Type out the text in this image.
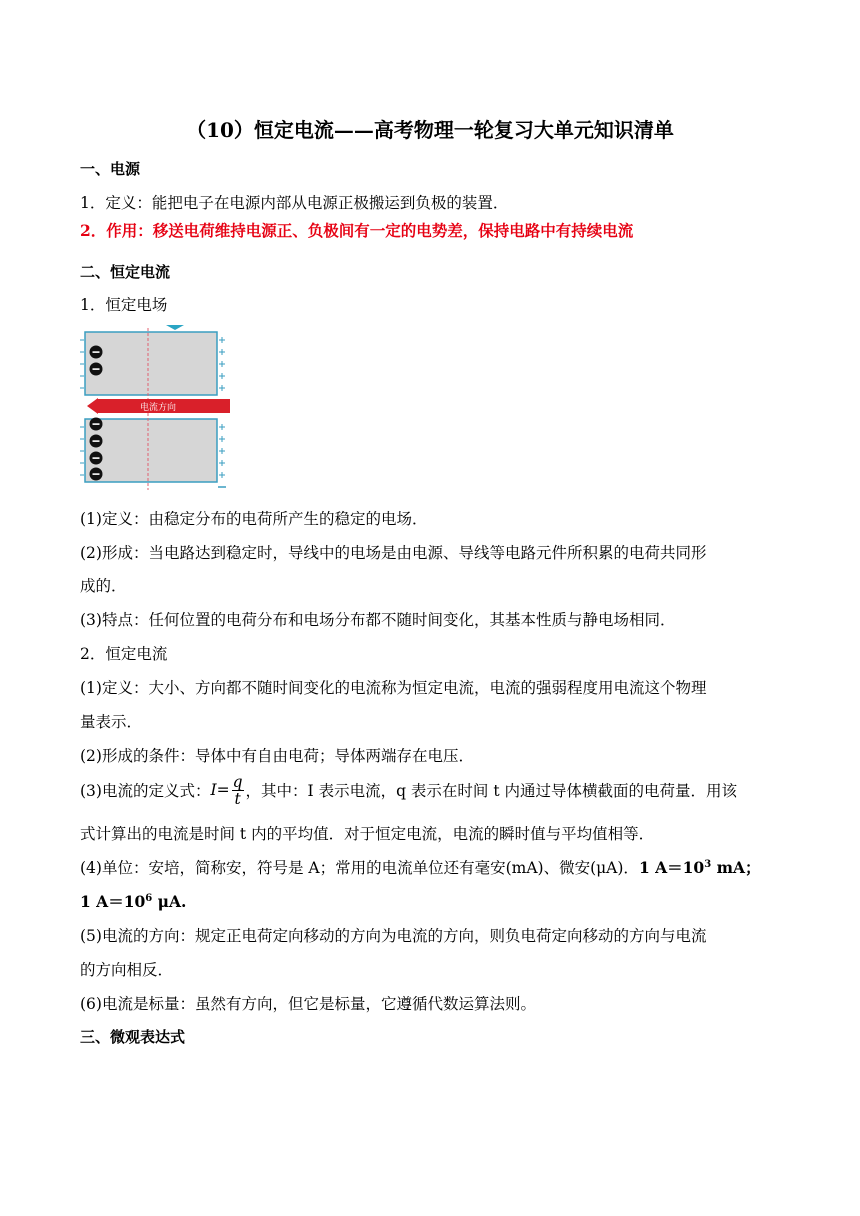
（10）恒定电流——高考物理一轮复习大单元知识清单
一、电源
1．定义：能把电子在电源内部从电源正极搬运到负极的装置．
2．作用：移送电荷维持电源正、负极间有一定的电势差，保持电路中有持续电流
二、恒定电流
1．恒定电场
电流方向
(1)定义：由稳定分布的电荷所产生的稳定的电场．
(2)形成：当电路达到稳定时，导线中的电场是由电源、导线等电路元件所积累的电荷共同形
成的．
(3)特点：任何位置的电荷分布和电场分布都不随时间变化，其基本性质与静电场相同．
2．恒定电流
(1)定义：大小、方向都不随时间变化的电流称为恒定电流，电流的强弱程度用电流这个物理
量表示．
(2)形成的条件：导体中有自由电荷；导体两端存在电压．
(3)电流的定义式： $I = \frac{q}{t}$ ，其中：I 表示电流，q 表示在时间 t 内通过导体横截面的电荷量．用该
式计算出的电流是时间 t 内的平均值．对于恒定电流，电流的瞬时值与平均值相等．
(4)单位：安培，简称安，符号是 A；常用的电流单位还有毫安(mA)、微安(μA)．1 $A=10^3$ mA；
1 $A=10^6$ μA.
(5)电流的方向：规定正电荷定向移动的方向为电流的方向，则负电荷定向移动的方向与电流
的方向相反．
(6)电流是标量：虽然有方向，但它是标量，它遵循代数运算法则。
三、微观表达式
